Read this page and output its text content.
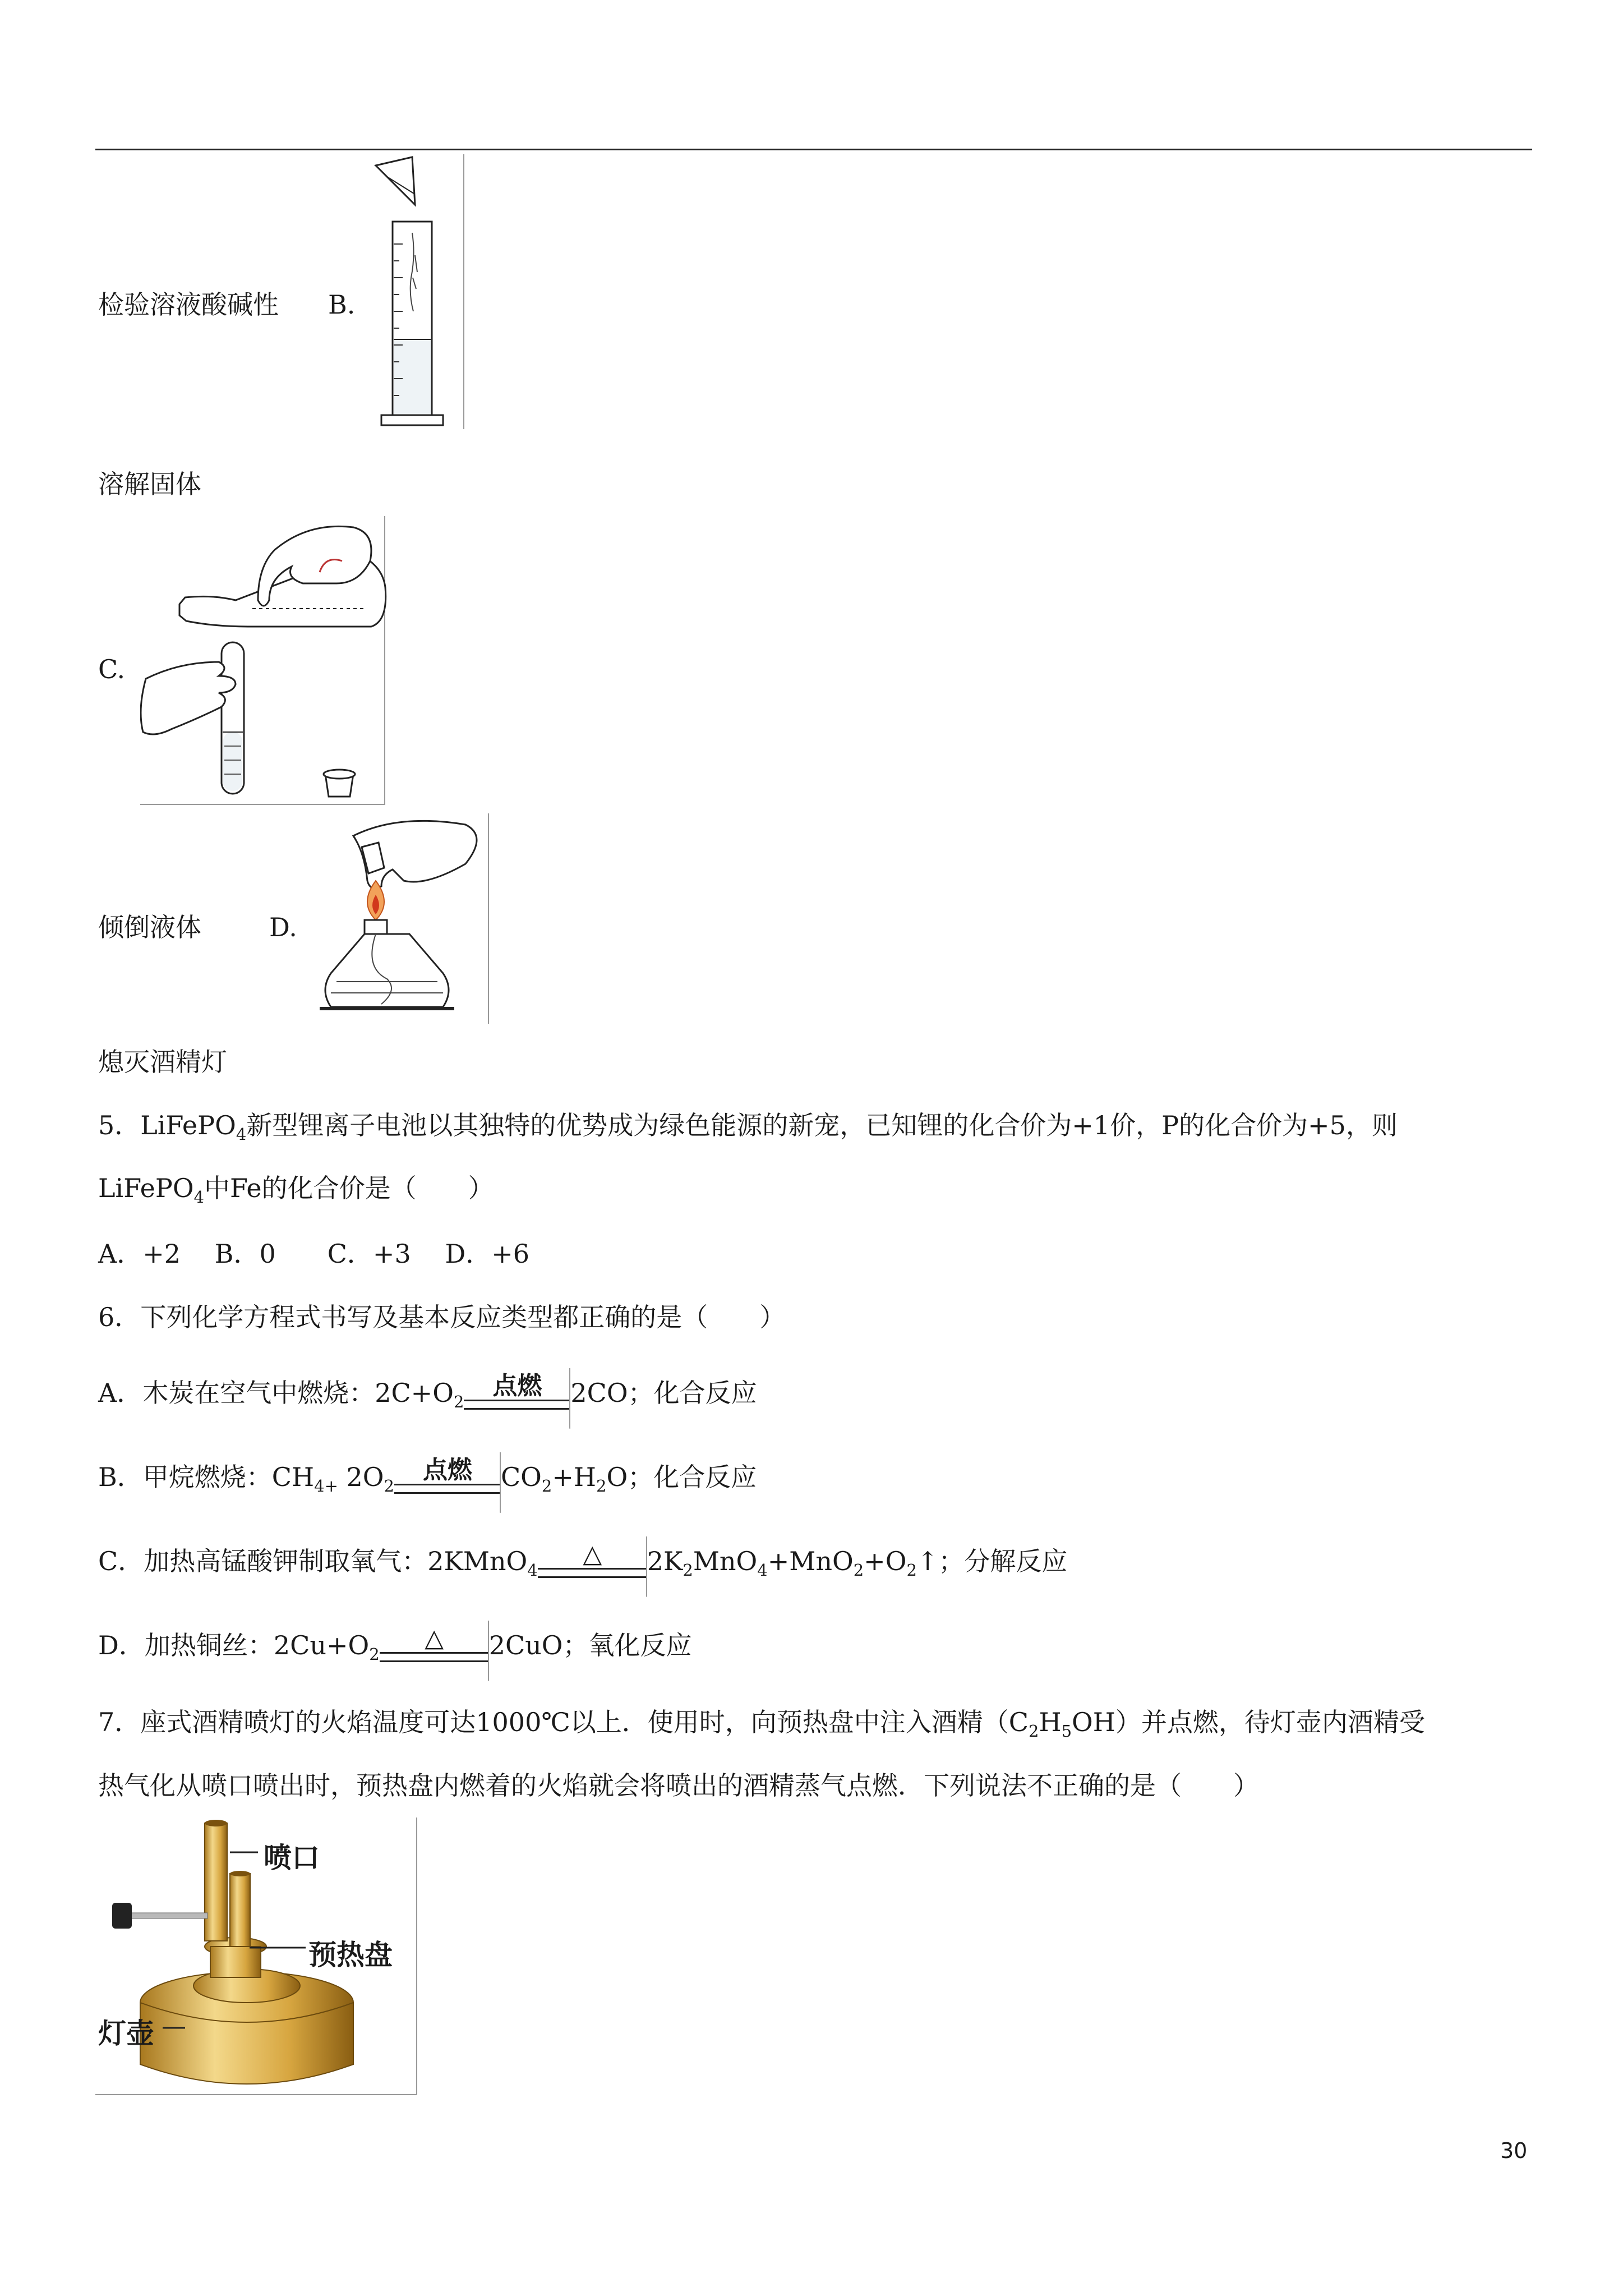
检验溶液酸碱性 B.
溶解固体
C.
倾倒液体	D.
熄灭酒精灯
5．LiFePO$_4$新型锂离子电池以其独特的优势成为绿色能源的新宠，已知锂的化合价为+1价，P的化合价为+5，则
LiFePO$_4$中Fe的化合价是（　　）
A．+2　 B．0　　C．+3　 D．+6
6．下列化学方程式书写及基本反应类型都正确的是（　　）
A．木炭在空气中燃烧：$2C+O_2$
点燃	2CO；化合反应
B．甲烷燃烧：$CH_{4+}$ $2O_2$
点燃	$CO_2+H_2O$；化合反应
C．加热高锰酸钾制取氧气：2KMnO$_4$
△	$2K_2MnO_4+MnO_2+O_2↑$；分解反应
D．加热铜丝：$2Cu+O_2$
△	2CuO；氧化反应
7．座式酒精喷灯的火焰温度可达1000℃以上．使用时，向预热盘中注入酒精$(C_2H_5OH)$并点燃，待灯壶内酒精受
热气化从喷口喷出时，预热盘内燃着的火焰就会将喷出的酒精蒸气点燃．下列说法不正确的是（　　）
喷口
预热盘
灯壶
30
